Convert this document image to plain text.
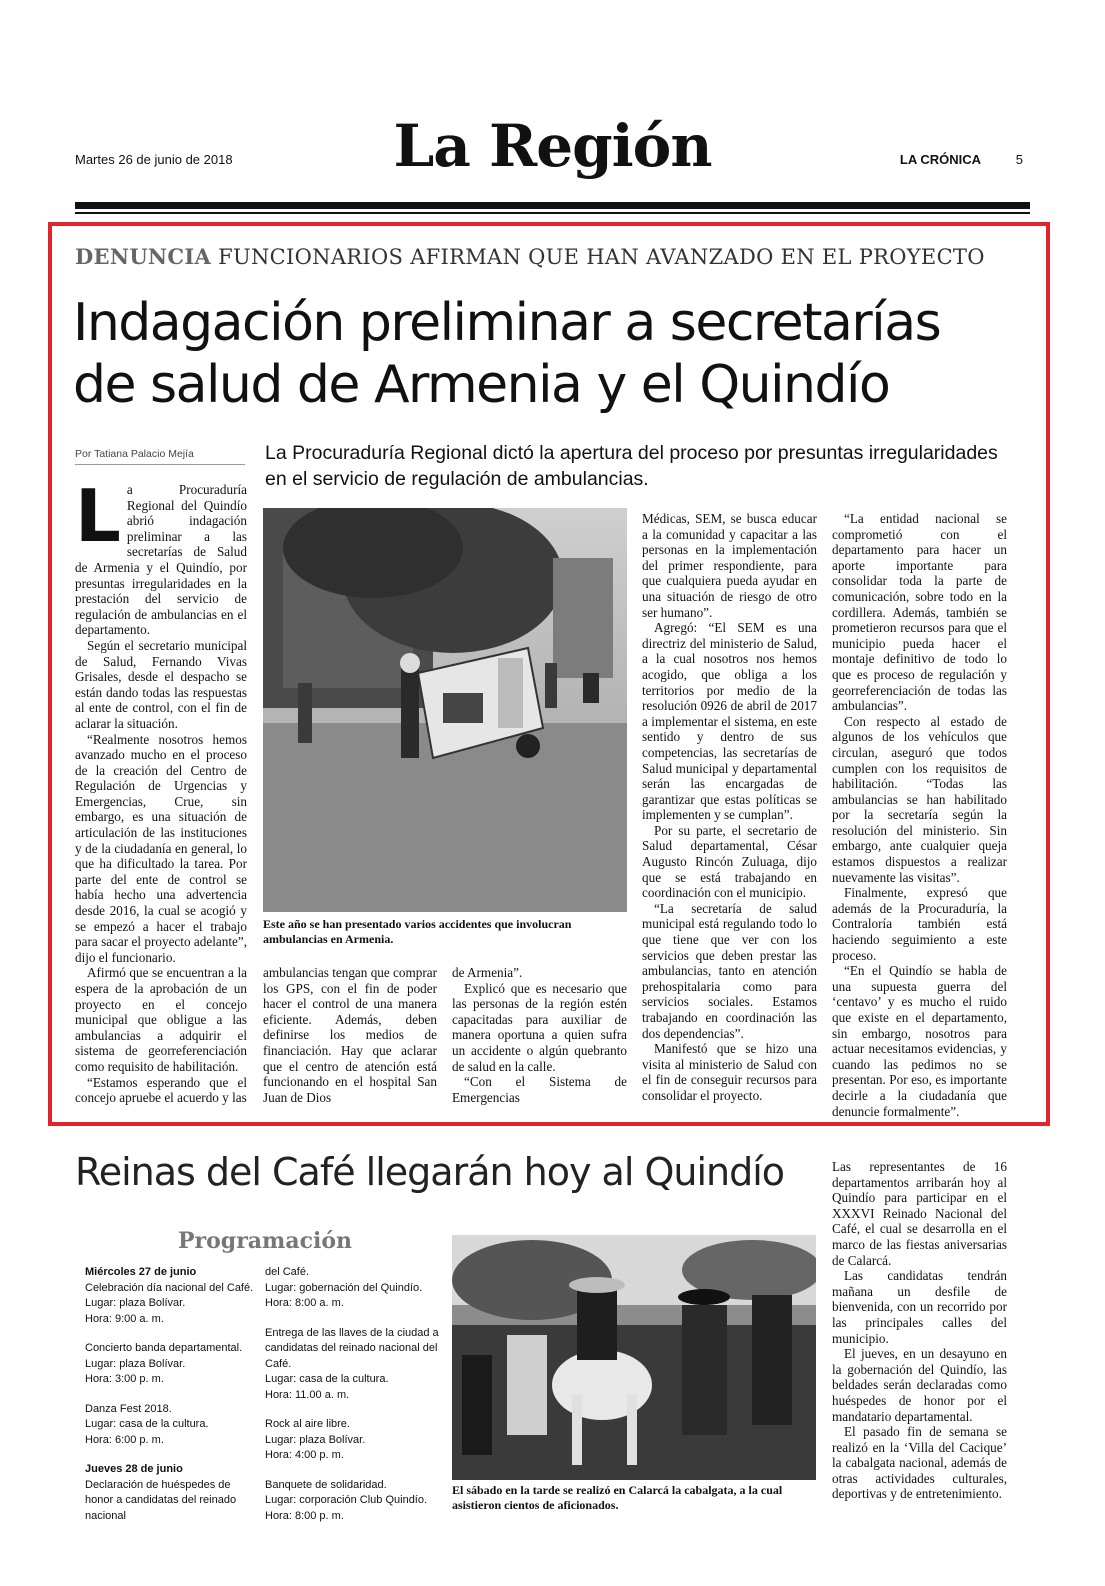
Martes 26 de junio de 2018	La Región	LA CRÓNICA	5
DENUNCIA FUNCIONARIOS AFIRMAN QUE HAN AVANZADO EN EL PROYECTO
Indagación preliminar a secretarías
de salud de Armenia y el Quindío
Por Tatiana Palacio Mejía	La Procuraduría Regional dictó la apertura del proceso por presuntas irregularidades en el servicio de regulación de ambulancias.
L a Procuraduría Regional del Quindío abrió indagación preliminar a las secretarías de Salud de Armenia y el Quindío, por presuntas irregularidades en la prestación del servicio de regulación de ambulancias en el departamento.

Según el secretario municipal de Salud, Fernando Vivas Grisales, desde el despacho se están dando todas las respuestas al ente de control, con el fin de aclarar la situación.

“Realmente nosotros hemos avanzado mucho en el proceso de la creación del Centro de Regulación de Urgencias y Emergencias, Crue, sin embargo, es una situación de articulación de las instituciones y de la ciudadanía en general, lo que ha dificultado la tarea. Por parte del ente de control se había hecho una advertencia desde 2016, la cual se acogió y se empezó a hacer el trabajo para sacar el proyecto adelante”, dijo el funcionario.

Afirmó que se encuentran a la espera de la aprobación de un proyecto en el concejo municipal que obligue a las ambulancias a adquirir el sistema de georreferenciación como requisito de habilitación.

“Estamos esperando que el concejo apruebe el acuerdo y las

Este año se han presentado varios accidentes que involucran ambulancias en Armenia.

ambulancias tengan que comprar los GPS, con el fin de poder hacer el control de una manera eficiente. Además, deben definirse los medios de financiación. Hay que aclarar que el centro de atención está funcionando en el hospital San Juan de Dios

de Armenia”.

Explicó que es necesario que las personas de la región estén capacitadas para auxiliar de manera oportuna a quien sufra un accidente o algún quebranto de salud en la calle.

“Con el Sistema de Emergencias

Médicas, SEM, se busca educar a la comunidad y capacitar a las personas en la implementación del primer respondiente, para que cualquiera pueda ayudar en una situación de riesgo de otro ser humano”.

Agregó: “El SEM es una directriz del ministerio de Salud, a la cual nosotros nos hemos acogido, que obliga a los territorios por medio de la resolución 0926 de abril de 2017 a implementar el sistema, en este sentido y dentro de sus competencias, las secretarías de Salud municipal y departamental serán las encargadas de garantizar que estas políticas se implementen y se cumplan”.

Por su parte, el secretario de Salud departamental, César Augusto Rincón Zuluaga, dijo que se está trabajando en coordinación con el municipio.

“La secretaría de salud municipal está regulando todo lo que tiene que ver con los servicios que deben prestar las ambulancias, tanto en atención prehospitalaria como para servicios sociales. Estamos trabajando en coordinación las dos dependencias”.

Manifestó que se hizo una visita al ministerio de Salud con el fin de conseguir recursos para consolidar el proyecto.

“La entidad nacional se comprometió con el departamento para hacer un aporte importante para consolidar toda la parte de comunicación, sobre todo en la cordillera. Además, también se prometieron recursos para que el municipio pueda hacer el montaje definitivo de todo lo que es proceso de regulación y georreferenciación de todas las ambulancias”.

Con respecto al estado de algunos de los vehículos que circulan, aseguró que todos cumplen con los requisitos de habilitación. “Todas las ambulancias se han habilitado por la secretaría según la resolución del ministerio. Sin embargo, ante cualquier queja estamos dispuestos a realizar nuevamente las visitas”.

Finalmente, expresó que además de la Procuraduría, la Contraloría también está haciendo seguimiento a este proceso.

“En el Quindío se habla de una supuesta guerra del ‘centavo’ y es mucho el ruido que existe en el departamento, sin embargo, nosotros para actuar necesitamos evidencias, y cuando las pedimos no se presentan. Por eso, es importante decirle a la ciudadanía que denuncie formalmente”.

Reinas del Café llegarán hoy al Quindío
Programación

Miércoles 27 de junio
Celebración día nacional del Café.
Lugar: plaza Bolívar.
Hora: 9:00 a. m.

Concierto banda departamental.
Lugar: plaza Bolívar.
Hora: 3:00 p. m.

Danza Fest 2018.
Lugar: casa de la cultura.
Hora: 6:00 p. m.

Jueves 28 de junio
Declaración de huéspedes de honor a candidatas del reinado nacional

del Café.
Lugar: gobernación del Quindío.
Hora: 8:00 a. m.

Entrega de las llaves de la ciudad a candidatas del reinado nacional del Café.
Lugar: casa de la cultura.
Hora: 11.00 a. m.

Rock al aire libre.
Lugar: plaza Bolívar.
Hora: 4:00 p. m.

Banquete de solidaridad.
Lugar: corporación Club Quindío.
Hora: 8:00 p. m.

El sábado en la tarde se realizó en Calarcá la cabalgata, a la cual asistieron cientos de aficionados.

Las representantes de 16 departamentos arribarán hoy al Quindío para participar en el XXXVI Reinado Nacional del Café, el cual se desarrolla en el marco de las fiestas aniversarias de Calarcá.

Las candidatas tendrán mañana un desfile de bienvenida, con un recorrido por las principales calles del municipio.

El jueves, en un desayuno en la gobernación del Quindío, las beldades serán declaradas como huéspedes de honor por el mandatario departamental.

El pasado fin de semana se realizó en la ‘Villa del Cacique’ la cabalgata nacional, además de otras actividades culturales, deportivas y de entretenimiento.
